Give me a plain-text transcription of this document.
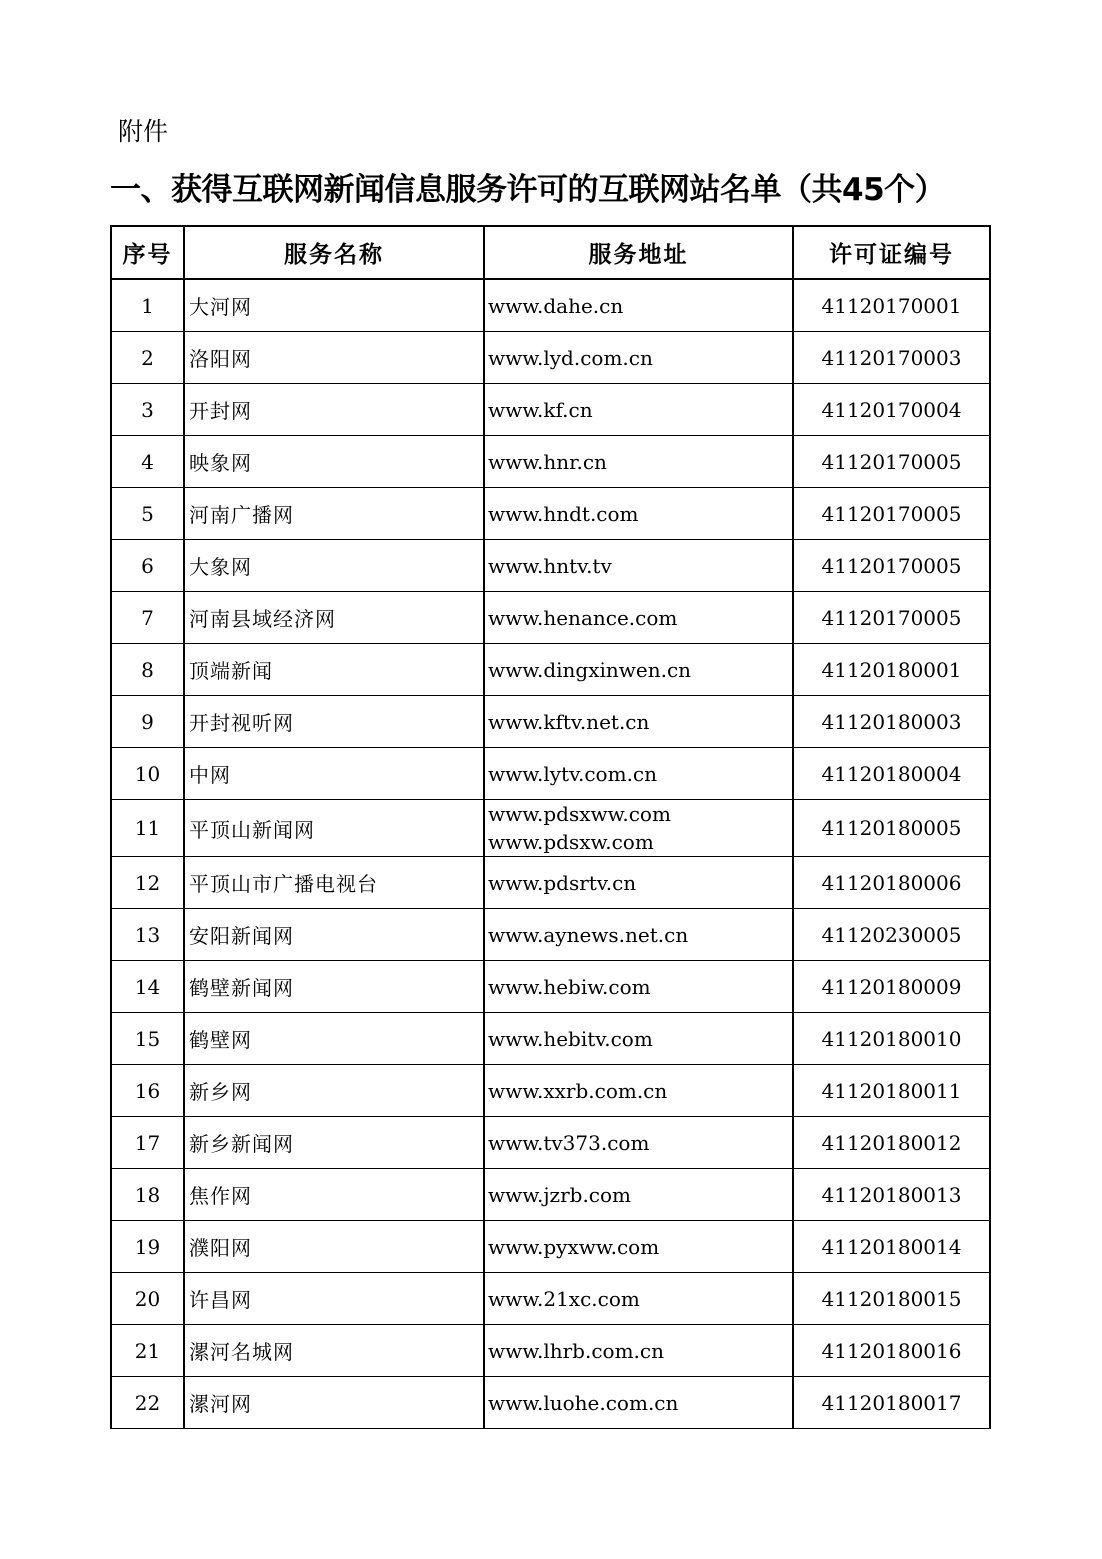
附件
一、获得互联网新闻信息服务许可的互联网站名单（共45个）
序号	服务名称	服务地址	许可证编号
1	大河网	www.dahe.cn	41120170001
2	洛阳网	www.lyd.com.cn	41120170003
3	开封网	www.kf.cn	41120170004
4	映象网	www.hnr.cn	41120170005
5	河南广播网	www.hndt.com	41120170005
6	大象网	www.hntv.tv	41120170005
7	河南县域经济网	www.henance.com	41120170005
8	顶端新闻	www.dingxinwen.cn	41120180001
9	开封视听网	www.kftv.net.cn	41120180003
10	中网	www.lytv.com.cn	41120180004
11	平顶山新闻网	www.pdsxww.com
www.pdsxw.com	41120180005
12	平顶山市广播电视台	www.pdsrtv.cn	41120180006
13	安阳新闻网	www.aynews.net.cn	41120230005
14	鹤壁新闻网	www.hebiw.com	41120180009
15	鹤壁网	www.hebitv.com	41120180010
16	新乡网	www.xxrb.com.cn	41120180011
17	新乡新闻网	www.tv373.com	41120180012
18	焦作网	www.jzrb.com	41120180013
19	濮阳网	www.pyxww.com	41120180014
20	许昌网	www.21xc.com	41120180015
21	漯河名城网	www.lhrb.com.cn	41120180016
22	漯河网	www.luohe.com.cn	41120180017
